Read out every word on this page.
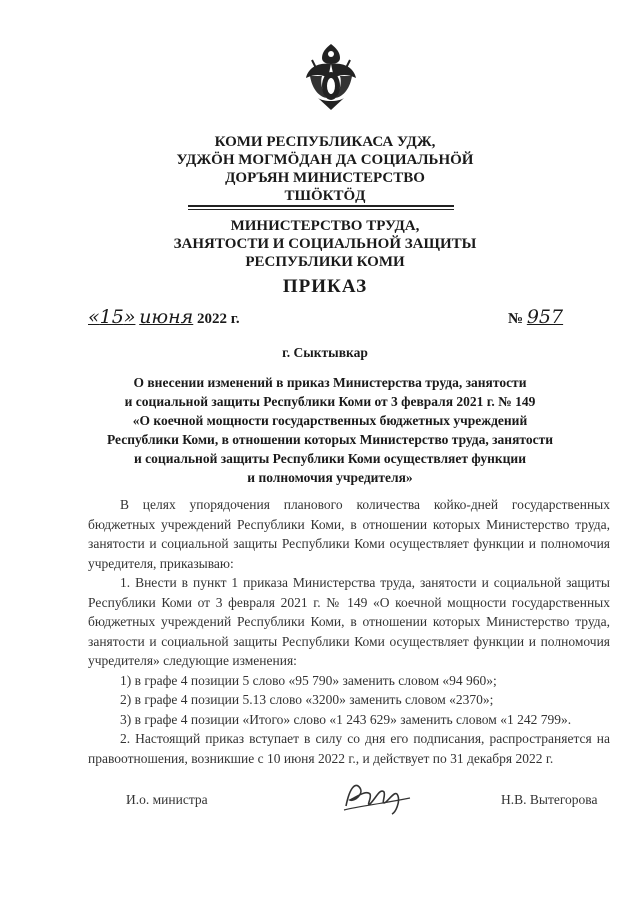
КОМИ РЕСПУБЛИКАСА УДЖ,
УДЖӦН МОГМӦДАН ДА СОЦИАЛЬНӦЙ
ДОРЪЯН МИНИСТЕРСТВО
ТШӦКТӦД
МИНИСТЕРСТВО ТРУДА,
ЗАНЯТОСТИ И СОЦИАЛЬНОЙ ЗАЩИТЫ
РЕСПУБЛИКИ КОМИ
ПРИКАЗ
«15» июня 2022 г.	№ 957
г. Сыктывкар
О внесении изменений в приказ Министерства труда, занятости
и социальной защиты Республики Коми от 3 февраля 2021 г. № 149
«О коечной мощности государственных бюджетных учреждений
Республики Коми, в отношении которых Министерство труда, занятости
и социальной защиты Республики Коми осуществляет функции
и полномочия учредителя»

В целях упорядочения планового количества койко-дней государственных бюджетных учреждений Республики Коми, в отношении которых Министерство труда, занятости и социальной защиты Республики Коми осуществляет функции и полномочия учредителя, приказываю:

1. Внести в пункт 1 приказа Министерства труда, занятости и социальной защиты Республики Коми от 3 февраля 2021 г. № 149 «О коечной мощности государственных бюджетных учреждений Республики Коми, в отношении которых Министерство труда, занятости и социальной защиты Республики Коми осуществляет функции и полномочия учредителя» следующие изменения:

1) в графе 4 позиции 5 слово «95 790» заменить словом «94 960»;

2) в графе 4 позиции 5.13 слово «3200» заменить словом «2370»;

3) в графе 4 позиции «Итого» слово «1 243 629» заменить словом «1 242 799».

2. Настоящий приказ вступает в силу со дня его подписания, распространяется на правоотношения, возникшие с 10 июня 2022 г., и действует по 31 декабря 2022 г.

И.о. министра	Н.В. Вытегорова
